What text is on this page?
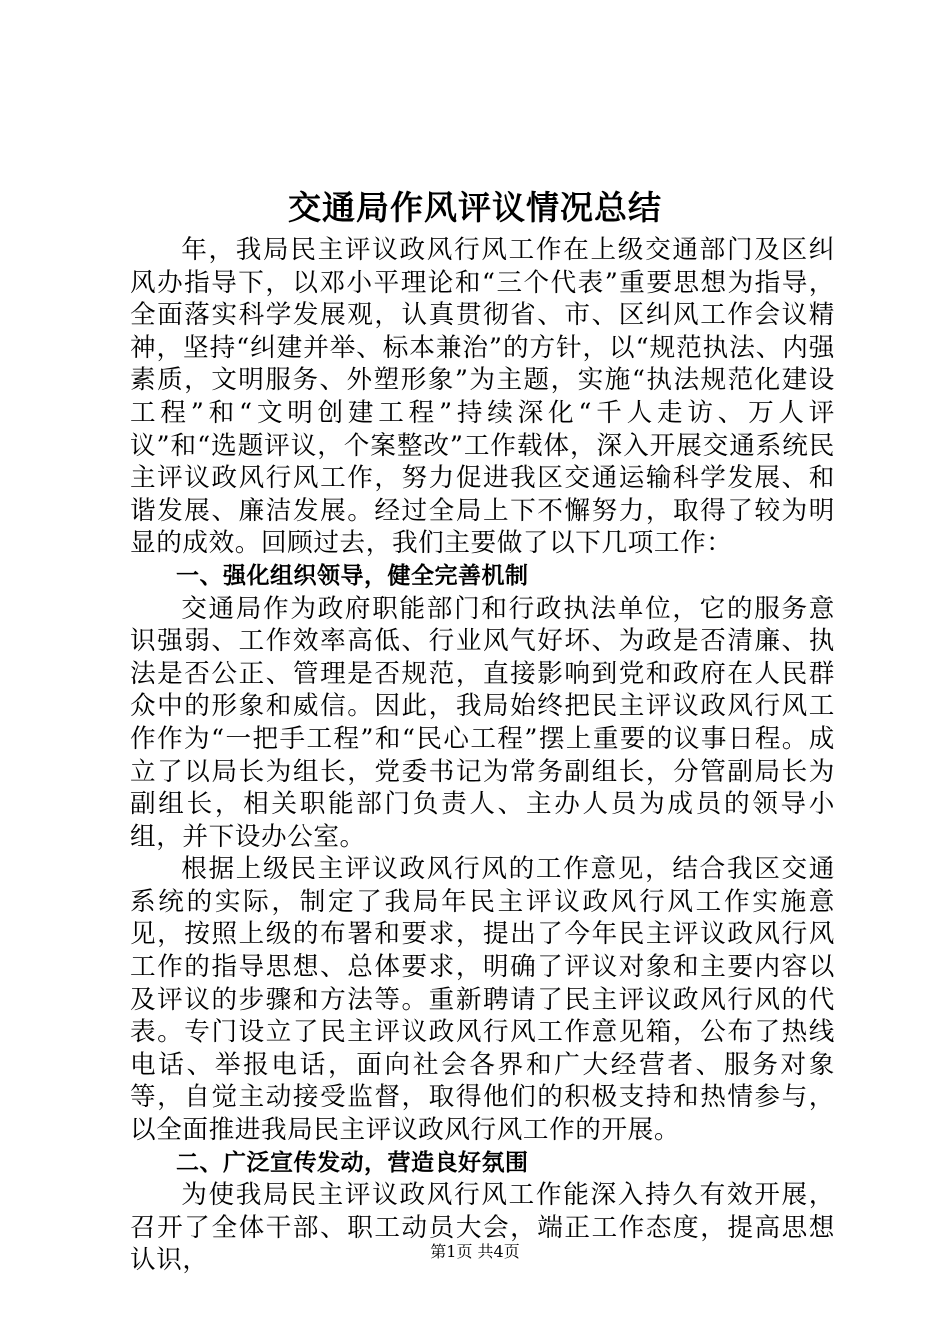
交通局作风评议情况总结

年，我局民主评议政风行风工作在上级交通部门及区纠风办指导下，以邓小平理论和“三个代表”重要思想为指导，全面落实科学发展观，认真贯彻省、市、区纠风工作会议精神，坚持“纠建并举、标本兼治”的方针，以“规范执法、内强素质，文明服务、外塑形象”为主题，实施“执法规范化建设工程”和“文明创建工程”持续深化“千人走访、万人评议”和“选题评议，个案整改”工作载体，深入开展交通系统民主评议政风行风工作，努力促进我区交通运输科学发展、和谐发展、廉洁发展。经过全局上下不懈努力，取得了较为明显的成效。回顾过去，我们主要做了以下几项工作：

一、强化组织领导，健全完善机制

交通局作为政府职能部门和行政执法单位，它的服务意识强弱、工作效率高低、行业风气好坏、为政是否清廉、执法是否公正、管理是否规范，直接影响到党和政府在人民群众中的形象和威信。因此，我局始终把民主评议政风行风工作作为“一把手工程”和“民心工程”摆上重要的议事日程。成立了以局长为组长，党委书记为常务副组长，分管副局长为副组长，相关职能部门负责人、主办人员为成员的领导小组，并下设办公室。

根据上级民主评议政风行风的工作意见，结合我区交通系统的实际，制定了我局年民主评议政风行风工作实施意见，按照上级的布署和要求，提出了今年民主评议政风行风工作的指导思想、总体要求，明确了评议对象和主要内容以及评议的步骤和方法等。重新聘请了民主评议政风行风的代表。专门设立了民主评议政风行风工作意见箱，公布了热线电话、举报电话，面向社会各界和广大经营者、服务对象等，自觉主动接受监督，取得他们的积极支持和热情参与，以全面推进我局民主评议政风行风工作的开展。

二、广泛宣传发动，营造良好氛围

为使我局民主评议政风行风工作能深入持久有效开展，召开了全体干部、职工动员大会，端正工作态度，提高思想认识，	第1页 共4页
